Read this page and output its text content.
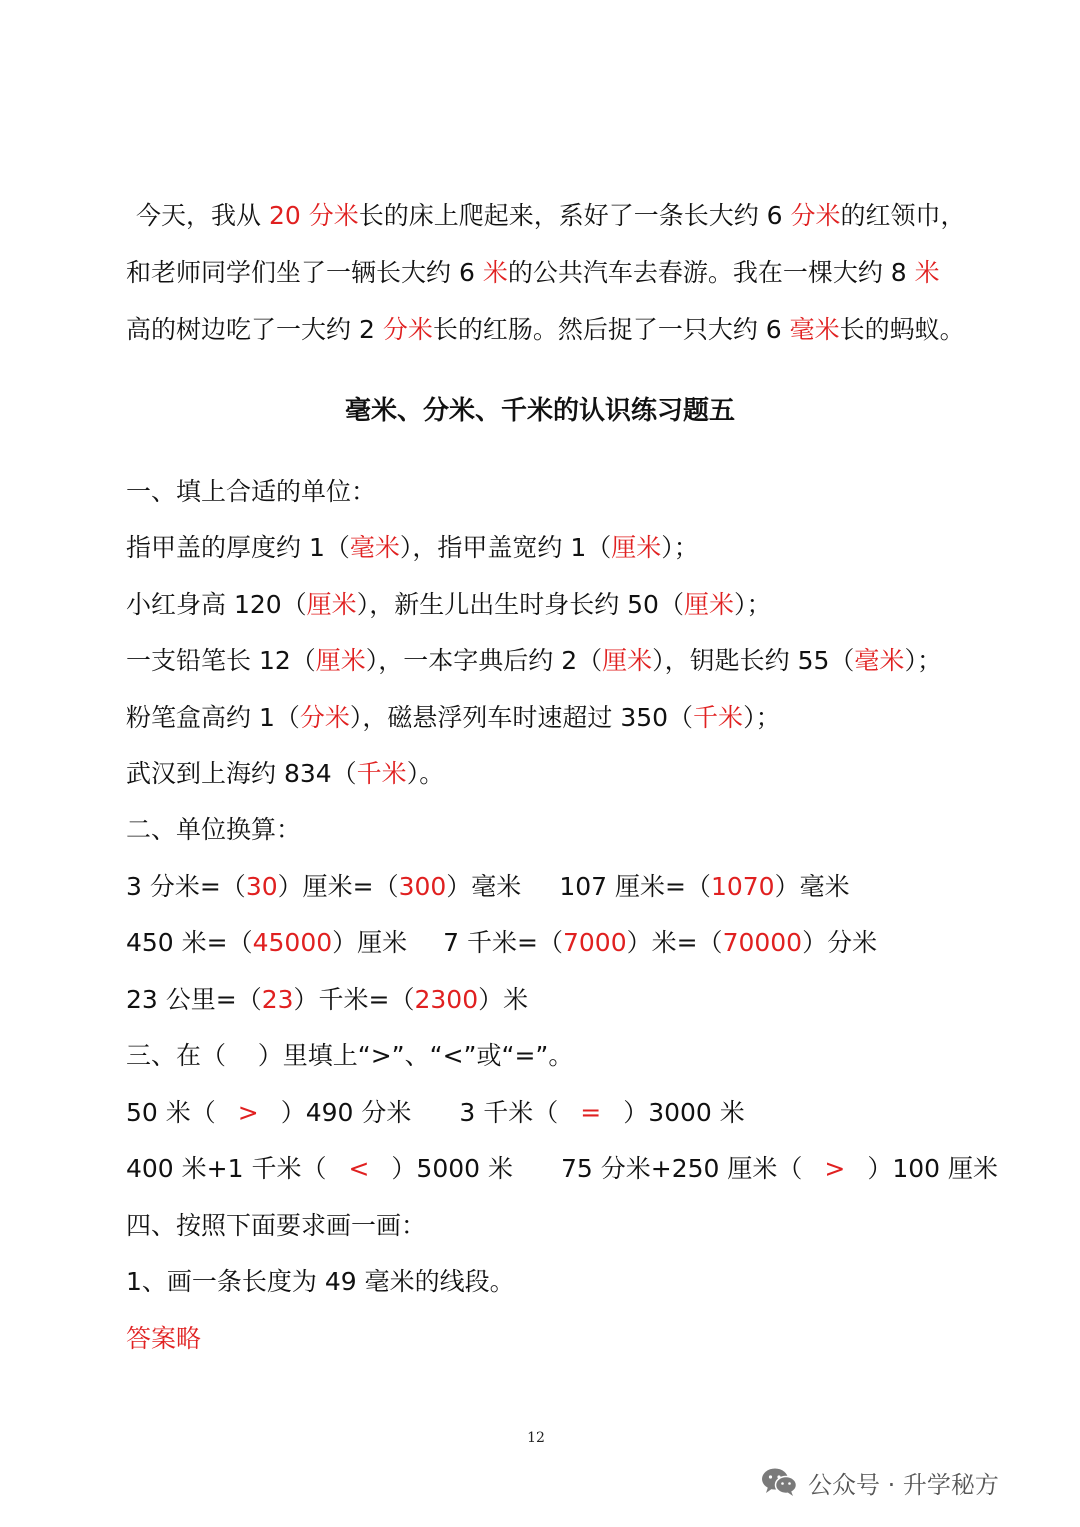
今天，我从 20 分米长的床上爬起来，系好了一条长大约 6 分米的红领巾，
和老师同学们坐了一辆长大约 6 米的公共汽车去春游。我在一棵大约 8 米
高的树边吃了一大约 2 分米长的红肠。然后捉了一只大约 6 毫米长的蚂蚁。
毫米、分米、千米的认识练习题五
一、填上合适的单位：
指甲盖的厚度约 1（毫米），指甲盖宽约 1（厘米）；
小红身高 120（厘米），新生儿出生时身长约 50（厘米）；
一支铅笔长 12（厘米），一本字典后约 2（厘米），钥匙长约 55（毫米）；
粉笔盒高约 1（分米），磁悬浮列车时速超过 350（千米）；
武汉到上海约 834（千米）。
二、单位换算：
3 分米=（30）厘米=（300）毫米 107 厘米=（1070）毫米
450 米=（45000）厘米 7 千米=（7000）米=（70000）分米
23 公里=（23）千米=（2300）米
三、在（    ）里填上“>”、“<”或“=”。
50 米（ > ）490 分米 3 千米（ = ）3000 米
400 米+1 千米（ < ）5000 米 75 分米+250 厘米（ > ）100 厘米
四、按照下面要求画一画：
1、画一条长度为 49 毫米的线段。
答案略
12
公众号 · 升学秘方
